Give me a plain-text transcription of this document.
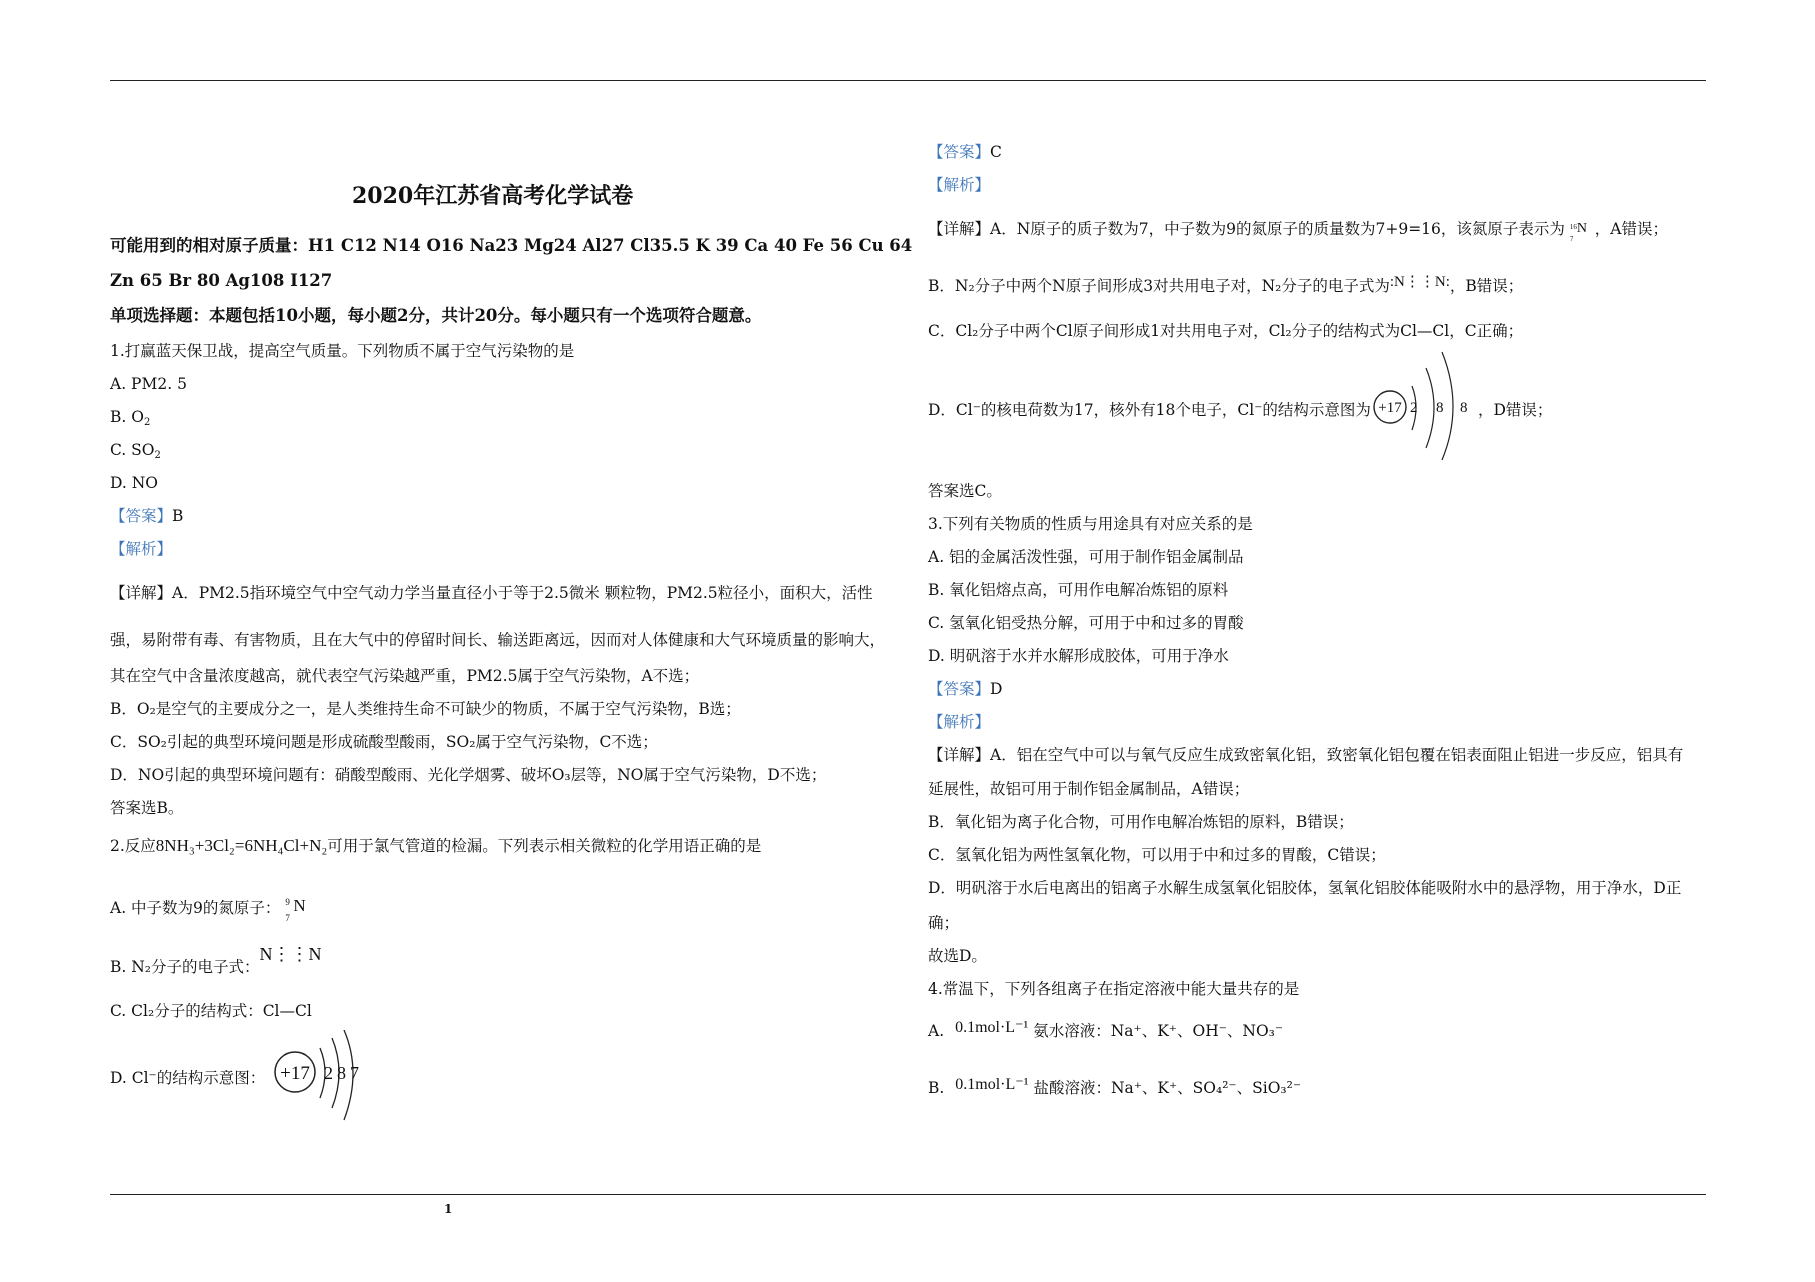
2020年江苏省高考化学试卷
可能用到的相对原子质量：H1 C12 N14 O16 Na23 Mg24 Al27 Cl35.5 K 39 Ca 40 Fe 56 Cu 64
Zn 65 Br 80 Ag108 I127
单项选择题：本题包括10小题，每小题2分，共计20分。每小题只有一个选项符合题意。
1.打赢蓝天保卫战，提高空气质量。下列物质不属于空气污染物的是
A. PM2. 5
B. $O_2$
C. $SO_2$
D. NO
【答案】B
【解析】
【详解】A．PM2.5指环境空气中空气动力学当量直径小于等于2.5微米 颗粒物，PM2.5粒径小，面积大，活性
强，易附带有毒、有害物质，且在大气中的停留时间长、输送距离远，因而对人体健康和大气环境质量的影响大，
其在空气中含量浓度越高，就代表空气污染越严重，PM2.5属于空气污染物，A不选；
B．O₂是空气的主要成分之一，是人类维持生命不可缺少的物质，不属于空气污染物，B选；
C．SO₂引起的典型环境问题是形成硫酸型酸雨，SO₂属于空气污染物，C不选；
D．NO引起的典型环境问题有：硝酸型酸雨、光化学烟雾、破坏O₃层等，NO属于空气污染物，D不选；
答案选B。
2.反应8NH₃+3Cl₂=6NH₄Cl+N₂可用于氯气管道的检漏。下列表示相关微粒的化学用语正确的是
A. 中子数为9的氮原子： 9
7
N
B. N₂分子的电子式：N⋮⋮N
C. Cl₂分子的结构式：Cl—Cl
D. Cl⁻的结构示意图： +17 2 8 7
1
【答案】C
【解析】
【详解】A．N原子的质子数为7，中子数为9的氮原子的质量数为7+9=16，该氮原子表示为 16
7
N ，A错误；
B．N₂分子中两个N原子间形成3对共用电子对，N₂分子的电子式为:N⋮⋮N:，B错误；
C．Cl₂分子中两个Cl原子间形成1对共用电子对，Cl₂分子的结构式为Cl—Cl，C正确；
D．Cl⁻的核电荷数为17，核外有18个电子，Cl⁻的结构示意图为 +17 2 8 8 ，D错误；
答案选C。
3.下列有关物质的性质与用途具有对应关系的是
A. 铝的金属活泼性强，可用于制作铝金属制品
B. 氧化铝熔点高，可用作电解冶炼铝的原料
C. 氢氧化铝受热分解，可用于中和过多的胃酸
D. 明矾溶于水并水解形成胶体，可用于净水
【答案】D
【解析】
【详解】A．铝在空气中可以与氧气反应生成致密氧化铝，致密氧化铝包覆在铝表面阻止铝进一步反应，铝具有
延展性，故铝可用于制作铝金属制品，A错误；
B．氧化铝为离子化合物，可用作电解冶炼铝的原料，B错误；
C．氢氧化铝为两性氢氧化物，可以用于中和过多的胃酸，C错误；
D．明矾溶于水后电离出的铝离子水解生成氢氧化铝胶体，氢氧化铝胶体能吸附水中的悬浮物，用于净水，D正
确；
故选D。
4.常温下，下列各组离子在指定溶液中能大量共存的是
A. 0.1mol·L⁻¹ 氨水溶液：Na⁺、K⁺、OH⁻、NO₃⁻
B. 0.1mol·L⁻¹ 盐酸溶液：Na⁺、K⁺、SO₄²⁻、SiO₃²⁻
